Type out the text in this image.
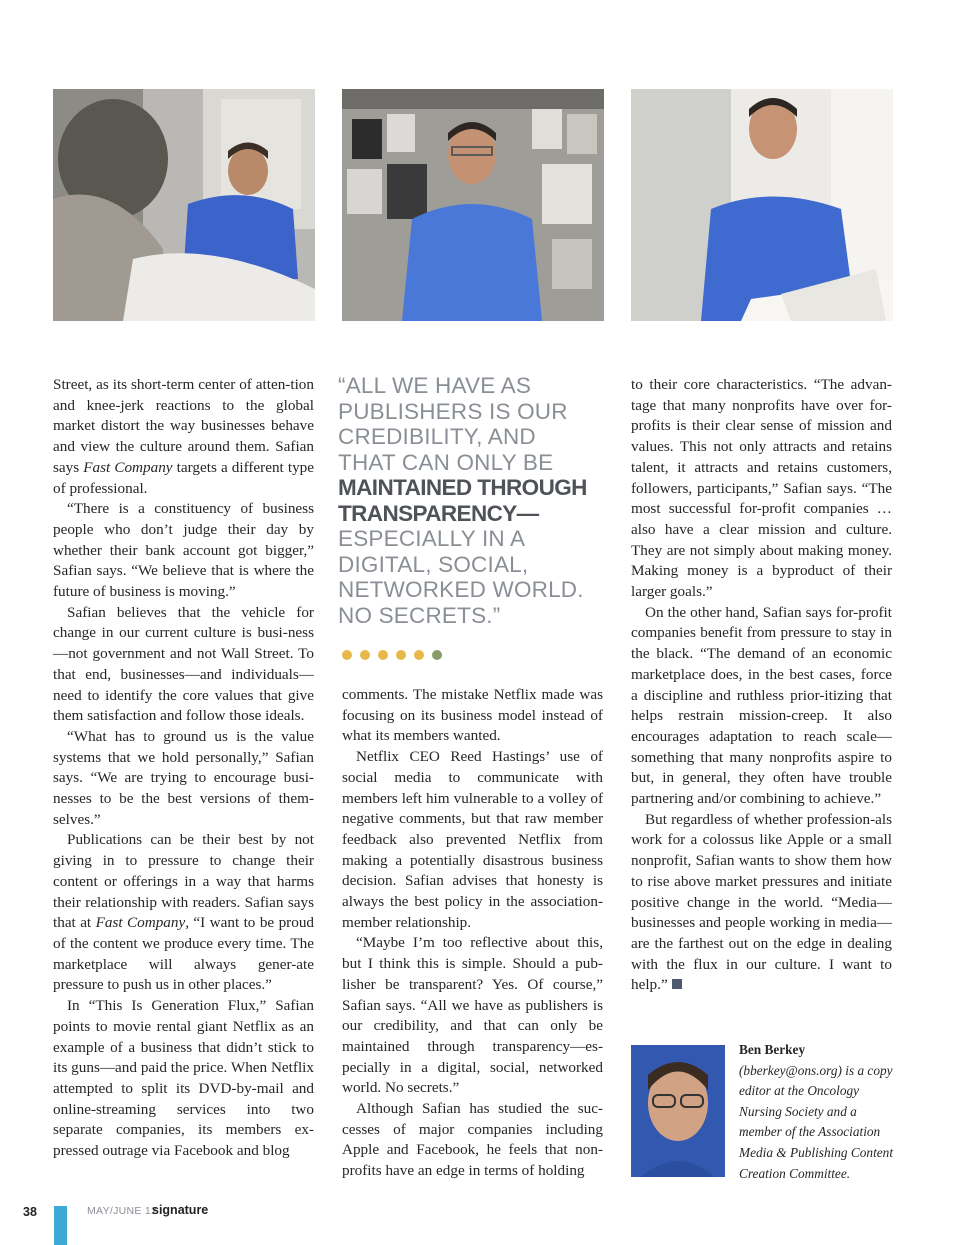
Street, as its short-term center of atten-tion and knee-jerk reactions to the global market distort the way businesses behave and view the culture around them. Safian says Fast Company targets a different type of professional.

“There is a constituency of business people who don’t judge their day by whether their bank account got bigger,” Safian says. “We believe that is where the future of business is moving.”

Safian believes that the vehicle for change in our current culture is busi-ness—not government and not Wall Street. To that end, businesses—and individuals—need to identify the core values that give them satisfaction and follow those ideals.

“What has to ground us is the value systems that we hold personally,” Safian says. “We are trying to encourage busi-nesses to be the best versions of them-selves.”

Publications can be their best by not giving in to pressure to change their content or offerings in a way that harms their relationship with readers. Safian says that at Fast Company, “I want to be proud of the content we produce every time. The marketplace will always gener-ate pressure to push us in other places.”

In “This Is Generation Flux,” Safian points to movie rental giant Netflix as an example of a business that didn’t stick to its guns—and paid the price. When Netflix attempted to split its DVD-by-mail and online-streaming services into two separate companies, its members ex-pressed outrage via Facebook and blog

“ALL WE HAVE AS
PUBLISHERS IS OUR
CREDIBILITY, AND
THAT CAN ONLY BE
MAINTAINED THROUGH
TRANSPARENCY—
ESPECIALLY IN A
DIGITAL, SOCIAL,
NETWORKED WORLD.
NO SECRETS.”

comments. The mistake Netflix made was focusing on its business model instead of what its members wanted.

Netflix CEO Reed Hastings’ use of social media to communicate with members left him vulnerable to a volley of negative comments, but that raw member feedback also prevented Netflix from making a potentially disastrous business decision. Safian advises that honesty is always the best policy in the association-member relationship.

“Maybe I’m too reflective about this, but I think this is simple. Should a pub-lisher be transparent? Yes. Of course,” Safian says. “All we have as publishers is our credibility, and that can only be maintained through transparency—es-pecially in a digital, social, networked world. No secrets.”

Although Safian has studied the suc-cesses of major companies including Apple and Facebook, he feels that non-profits have an edge in terms of holding

to their core characteristics. “The advan-tage that many nonprofits have over for-profits is their clear sense of mission and values. This not only attracts and retains talent, it attracts and retains customers, followers, participants,” Safian says. “The most successful for-profit companies … also have a clear mission and culture. They are not simply about making money. Making money is a byproduct of their larger goals.”

On the other hand, Safian says for-profit companies benefit from pressure to stay in the black. “The demand of an economic marketplace does, in the best cases, force a discipline and ruthless prior-itizing that helps restrain mission-creep. It also encourages adaptation to reach scale—something that many nonprofits aspire to but, in general, they often have trouble partnering and/or combining to achieve.”

But regardless of whether profession-als work for a colossus like Apple or a small nonprofit, Safian wants to show them how to rise above market pressures and initiate positive change in the world. “Media—businesses and people working in media—are the farthest out on the edge in dealing with the flux in our culture. I want to help.”

Ben Berkey (bberkey@ons.org) is a copy editor at the Oncology Nursing Society and a member of the Association Media & Publishing Content Creation Committee.
38	MAY/JUNE 12
signature
